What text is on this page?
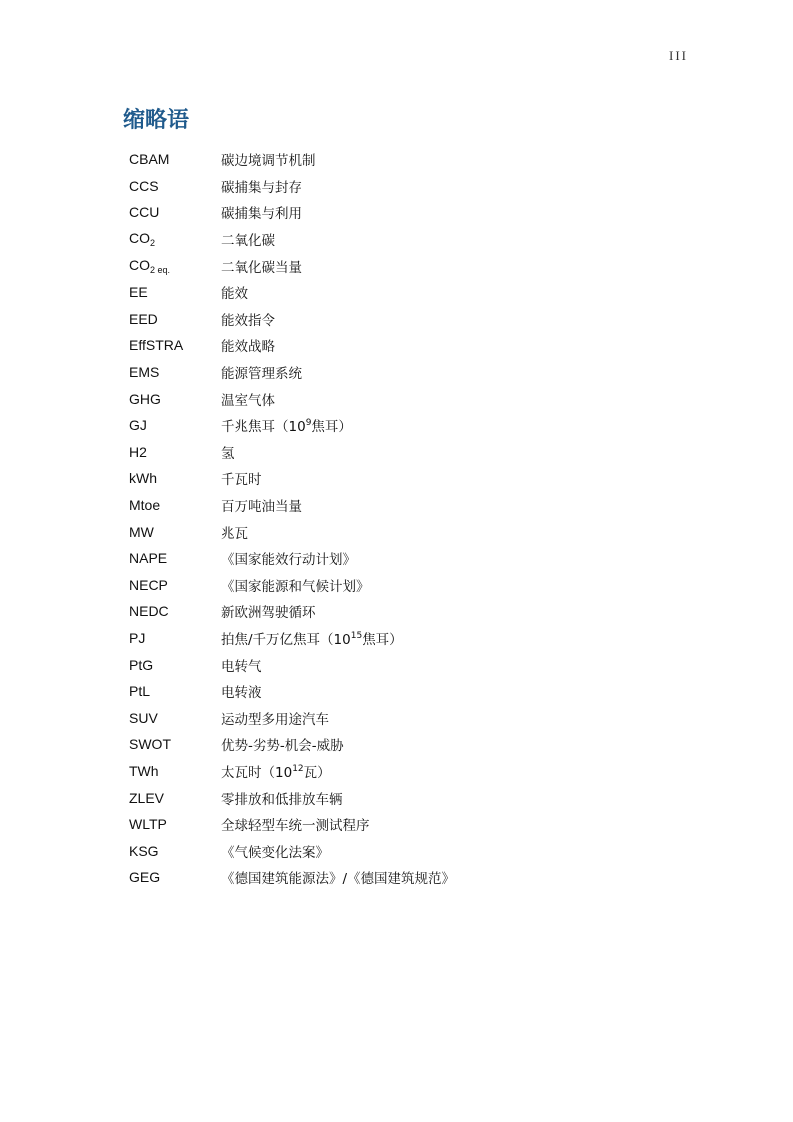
III
缩略语
CBAM	碳边境调节机制
CCS	碳捕集与封存
CCU	碳捕集与利用
$CO_2$	二氧化碳
$CO_{2 eq.}$	二氧化碳当量
EE	能效
EED	能效指令
EffSTRA	能效战略
EMS	能源管理系统
GHG	温室气体
GJ	千兆焦耳（$10^9$焦耳）
H2	氢
kWh	千瓦时
Mtoe	百万吨油当量
MW	兆瓦
NAPE	《国家能效行动计划》
NECP	《国家能源和气候计划》
NEDC	新欧洲驾驶循环
PJ	拍焦/千万亿焦耳（$10^{15}$焦耳）
PtG	电转气
PtL	电转液
SUV	运动型多用途汽车
SWOT	优势-劣势-机会-威胁
TWh	太瓦时（$10^{12}$瓦）
ZLEV	零排放和低排放车辆
WLTP	全球轻型车统一测试程序
KSG	《气候变化法案》
GEG	《德国建筑能源法》/《德国建筑规范》
